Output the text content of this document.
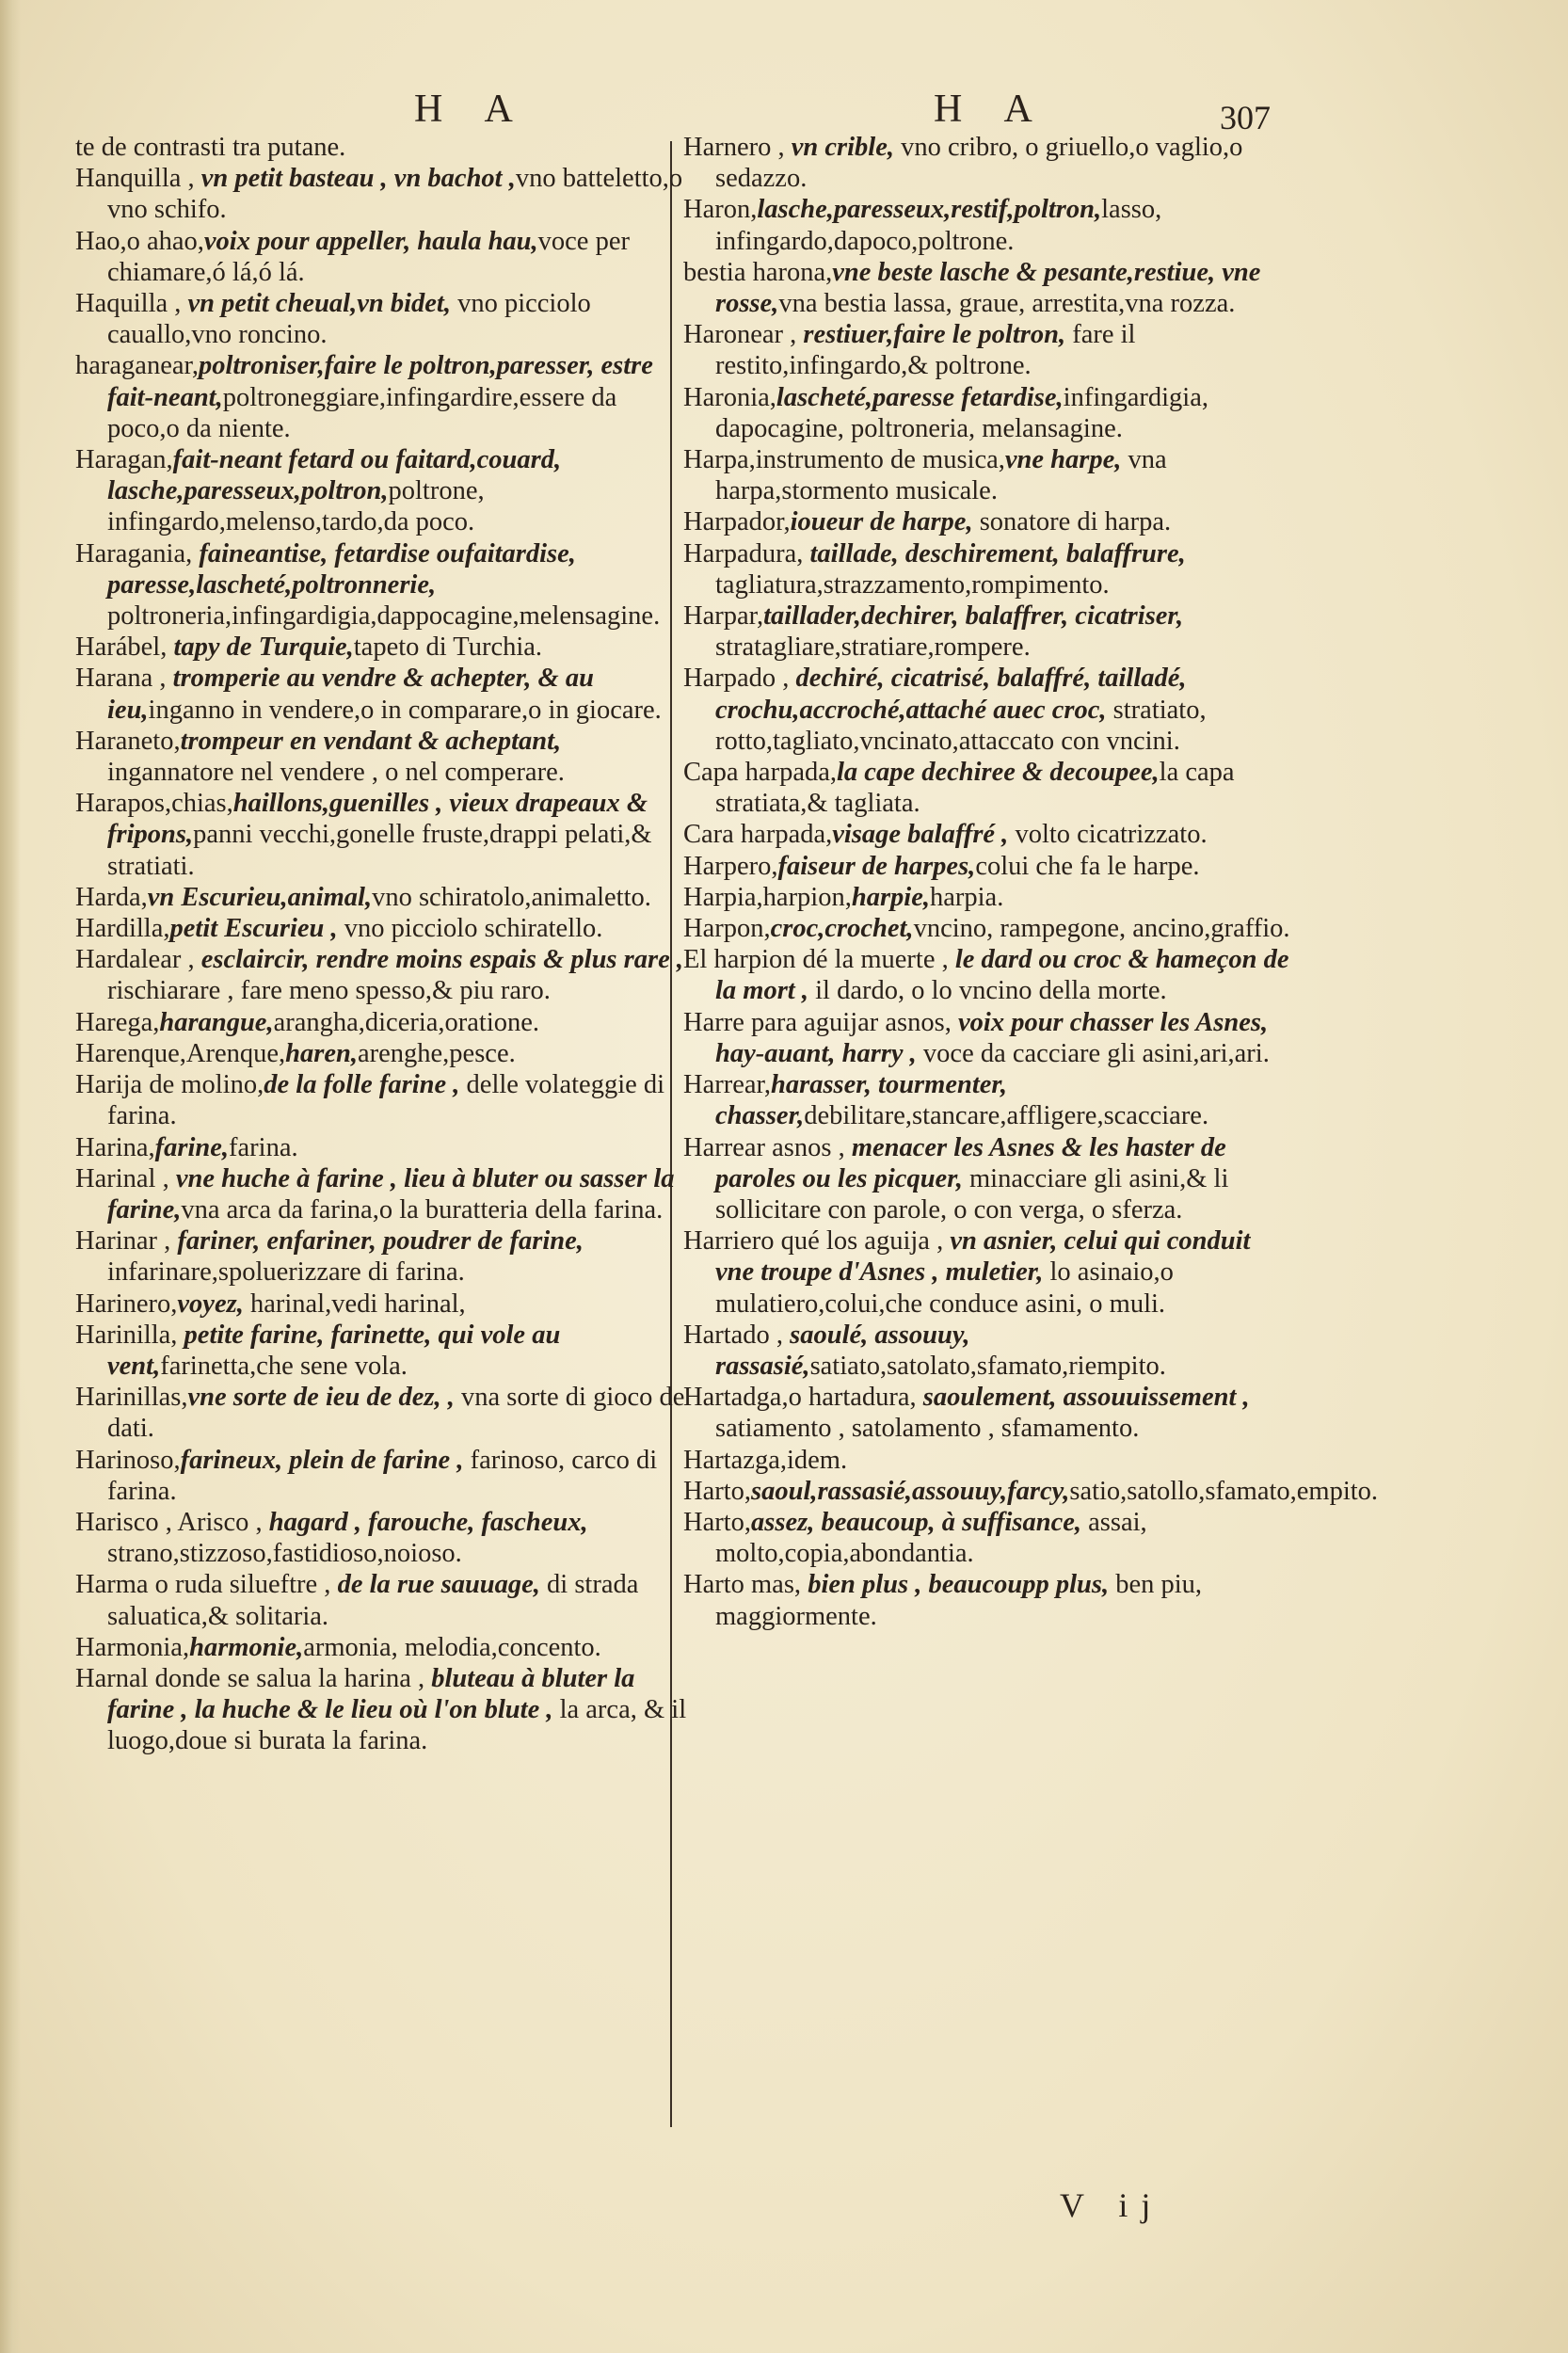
H A	H A	307

te de contrasti tra putane.

Hanquilla , vn petit basteau , vn bachot ,vno batteletto,o vno schifo.

Hao,o ahao,voix pour appeller, haula hau,voce per chiamare,ó lá,ó lá.

Haquilla , vn petit cheual,vn bidet, vno picciolo cauallo,vno roncino.

haraganear,poltroniser,faire le poltron,paresser, estre fait-neant,poltroneggiare,infingardire,essere da poco,o da niente.

Haragan,fait-neant fetard ou faitard,couard, lasche,paresseux,poltron,poltrone, infingardo,melenso,tardo,da poco.

Haragania, faineantise, fetardise oufaitardise, paresse,lascheté,poltronnerie, poltroneria,infingardigia,dappocagine,melensagine.

Harábel, tapy de Turquie,tapeto di Turchia.

Harana , tromperie au vendre & achepter, & au ieu,inganno in vendere,o in comparare,o in giocare.

Haraneto,trompeur en vendant & acheptant, ingannatore nel vendere , o nel comperare.

Harapos,chias,haillons,guenilles , vieux drapeaux & fripons,panni vecchi,gonelle fruste,drappi pelati,& stratiati.

Harda,vn Escurieu,animal,vno schiratolo,animaletto.

Hardilla,petit Escurieu , vno picciolo schiratello.

Hardalear , esclaircir, rendre moins espais & plus rare , rischiarare , fare meno spesso,& piu raro.

Harega,harangue,arangha,diceria,oratione.

Harenque,Arenque,haren,arenghe,pesce.

Harija de molino,de la folle farine , delle volateggie di farina.

Harina,farine,farina.

Harinal , vne huche à farine , lieu à bluter ou sasser la farine,vna arca da farina,o la buratteria della farina.

Harinar , fariner, enfariner, poudrer de farine, infarinare,spoluerizzare di farina.

Harinero,voyez, harinal,vedi harinal,

Harinilla, petite farine, farinette, qui vole au vent,farinetta,che sene vola.

Harinillas,vne sorte de ieu de dez, , vna sorte di gioco de dati.

Harinoso,farineux, plein de farine , farinoso, carco di farina.

Harisco , Arisco , hagard , farouche, fascheux, strano,stizzoso,fastidioso,noioso.

Harma o ruda silueftre , de la rue sauuage, di strada saluatica,& solitaria.

Harmonia,harmonie,armonia, melodia,concento.

Harnal donde se salua la harina , bluteau à bluter la farine , la huche & le lieu où l'on blute , la arca, & il luogo,doue si burata la farina.

Harnero , vn crible, vno cribro, o griuello,o vaglio,o sedazzo.

Haron,lasche,paresseux,restif,poltron,lasso, infingardo,dapoco,poltrone.

bestia harona,vne beste lasche & pesante,restiue, vne rosse,vna bestia lassa, graue, arrestita,vna rozza.

Haronear , restiuer,faire le poltron, fare il restito,infingardo,& poltrone.

Haronia,lascheté,paresse fetardise,infingardigia, dapocagine, poltroneria, melansagine.

Harpa,instrumento de musica,vne harpe, vna harpa,stormento musicale.

Harpador,ioueur de harpe, sonatore di harpa.

Harpadura, taillade, deschirement, balaffrure, tagliatura,strazzamento,rompimento.

Harpar,taillader,dechirer, balaffrer, cicatriser, stratagliare,stratiare,rompere.

Harpado , dechiré, cicatrisé, balaffré, tailladé, crochu,accroché,attaché auec croc, stratiato, rotto,tagliato,vncinato,attaccato con vncini.

Capa harpada,la cape dechiree & decoupee,la capa stratiata,& tagliata.

Cara harpada,visage balaffré , volto cicatrizzato.

Harpero,faiseur de harpes,colui che fa le harpe.

Harpia,harpion,harpie,harpia.

Harpon,croc,crochet,vncino, rampegone, ancino,graffio.

El harpion dé la muerte , le dard ou croc & hameçon de la mort , il dardo, o lo vncino della morte.

Harre para aguijar asnos, voix pour chasser les Asnes, hay-auant, harry , voce da cacciare gli asini,ari,ari.

Harrear,harasser, tourmenter, chasser,debilitare,stancare,affligere,scacciare.

Harrear asnos , menacer les Asnes & les haster de paroles ou les picquer, minacciare gli asini,& li sollicitare con parole, o con verga, o sferza.

Harriero qué los aguija , vn asnier, celui qui conduit vne troupe d'Asnes , muletier, lo asinaio,o mulatiero,colui,che conduce asini, o muli.

Hartado , saoulé, assouuy, rassasié,satiato,satolato,sfamato,riempito.

Hartadga,o hartadura, saoulement, assouuissement , satiamento , satolamento , sfamamento.

Hartazga,idem.

Harto,saoul,rassasié,assouuy,farcy,satio,satollo,sfamato,empito.

Harto,assez, beaucoup, à suffisance, assai, molto,copia,abondantia.

Harto mas, bien plus , beaucoupp plus, ben piu, maggiormente.

V ij
